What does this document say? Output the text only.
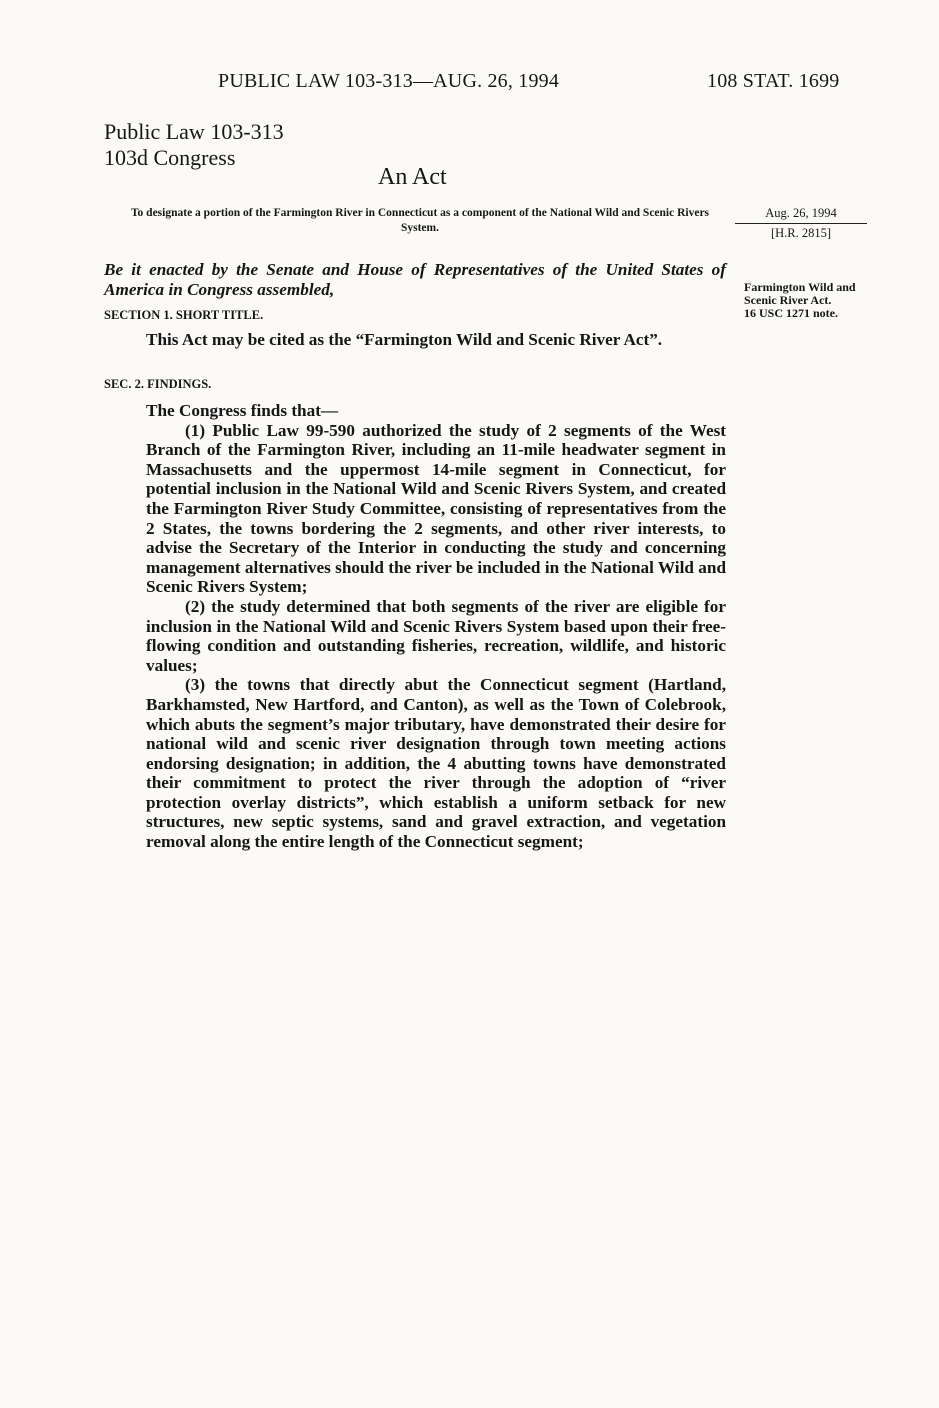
PUBLIC LAW 103-313—AUG. 26, 1994	108 STAT. 1699
Public Law 103-313
103d Congress
An Act
To designate a portion of the Farmington River in Connecticut as a component of the National Wild and Scenic Rivers System.
Aug. 26, 1994
[H.R. 2815]
Farmington Wild and Scenic River Act.
16 USC 1271 note.
Be it enacted by the Senate and House of Representatives of the United States of America in Congress assembled,
SECTION 1. SHORT TITLE.
This Act may be cited as the “Farmington Wild and Scenic River Act”.
SEC. 2. FINDINGS.
The Congress finds that—
(1) Public Law 99-590 authorized the study of 2 segments of the West Branch of the Farmington River, including an 11-mile headwater segment in Massachusetts and the uppermost 14-mile segment in Connecticut, for potential inclusion in the National Wild and Scenic Rivers System, and created the Farmington River Study Committee, consisting of representatives from the 2 States, the towns bordering the 2 segments, and other river interests, to advise the Secretary of the Interior in conducting the study and concerning management alternatives should the river be included in the National Wild and Scenic Rivers System;
(2) the study determined that both segments of the river are eligible for inclusion in the National Wild and Scenic Rivers System based upon their free-flowing condition and outstanding fisheries, recreation, wildlife, and historic values;
(3) the towns that directly abut the Connecticut segment (Hartland, Barkhamsted, New Hartford, and Canton), as well as the Town of Colebrook, which abuts the segment’s major tributary, have demonstrated their desire for national wild and scenic river designation through town meeting actions endorsing designation; in addition, the 4 abutting towns have demonstrated their commitment to protect the river through the adoption of “river protection overlay districts”, which establish a uniform setback for new structures, new septic systems, sand and gravel extraction, and vegetation removal along the entire length of the Connecticut segment;
